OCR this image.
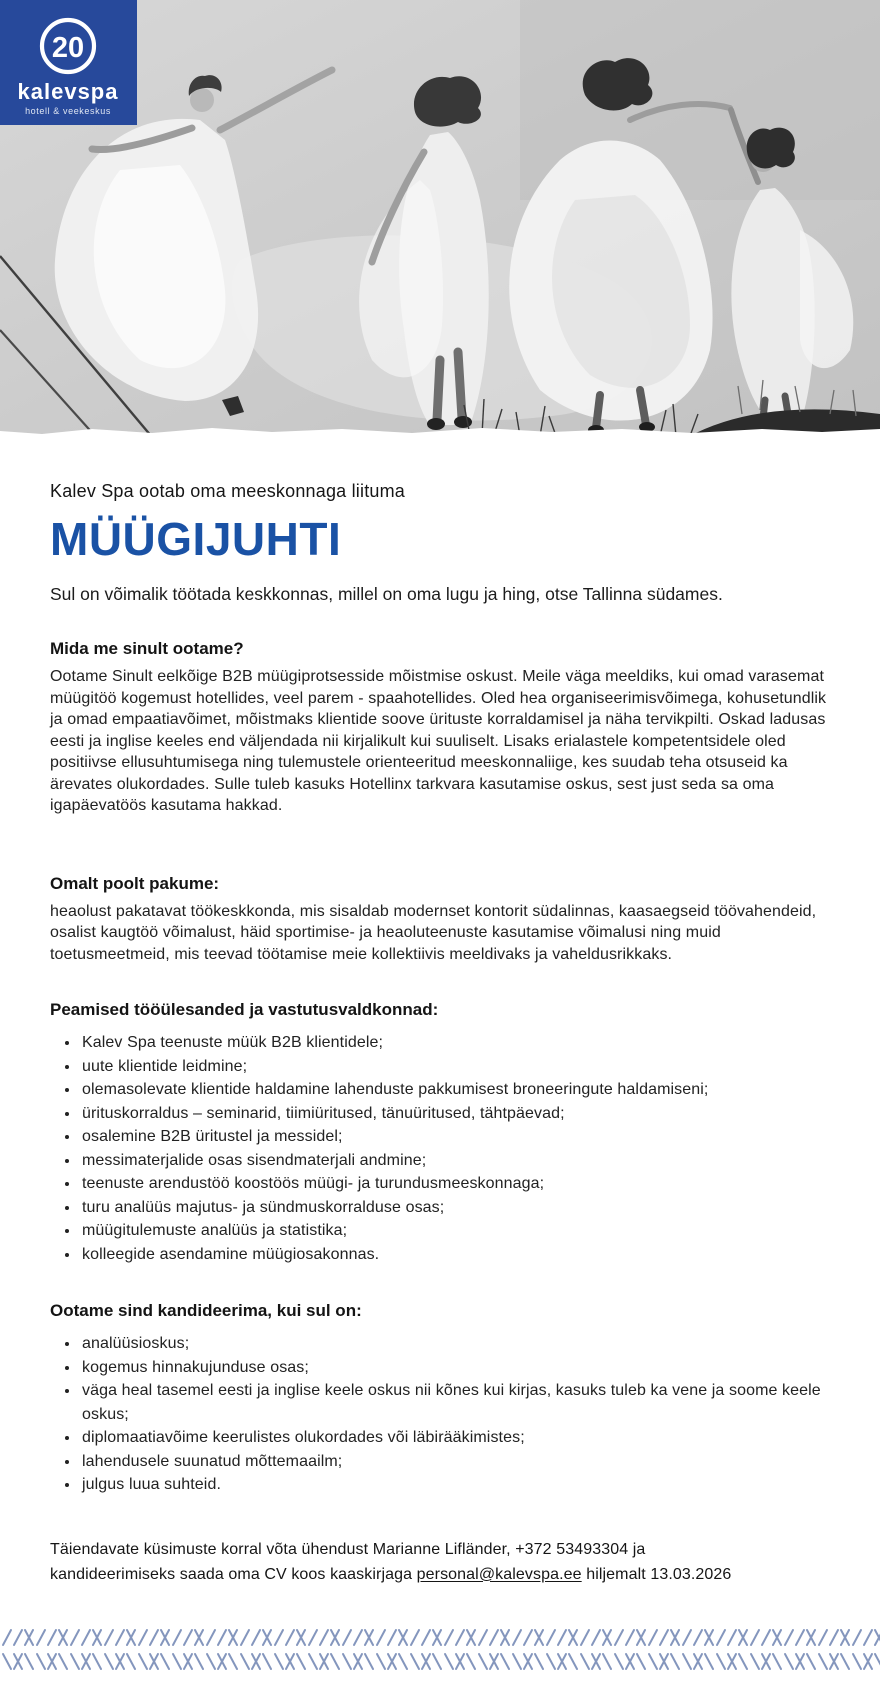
20
kalevspa
hotell & veekeskus

Kalev Spa ootab oma meeskonnaga liituma

MÜÜGIJUHTI

Sul on võimalik töötada keskkonnas, millel on oma lugu ja hing, otse Tallinna südames.

Mida me sinult ootame?

Ootame Sinult eelkõige B2B müügiprotsesside mõistmise oskust. Meile väga meeldiks, kui omad varasemat müügitöö kogemust hotellides, veel parem - spaahotellides. Oled hea organiseerimisvõimega, kohusetundlik ja omad empaatiavõimet, mõistmaks klientide soove ürituste korraldamisel ja näha tervikpilti. Oskad ladusas eesti ja inglise keeles end väljendada nii kirjalikult kui suuliselt. Lisaks erialastele kompetentsidele oled positiivse ellusuhtumisega ning tulemustele orienteeritud meeskonnaliige, kes suudab teha otsuseid ka ärevates olukordades. Sulle tuleb kasuks Hotellinx tarkvara kasutamise oskus, sest just seda sa oma igapäevatöös kasutama hakkad.

Omalt poolt pakume:

heaolust pakatavat töökeskkonda, mis sisaldab modernset kontorit südalinnas, kaasaegseid töövahendeid, osalist kaugtöö võimalust, häid sportimise- ja heaoluteenuste kasutamise võimalusi ning muid toetusmeetmeid, mis teevad töötamise meie kollektiivis meeldivaks ja vaheldusrikkaks.

Peamised tööülesanded ja vastutusvaldkonnad:

• Kalev Spa teenuste müük B2B klientidele;
• uute klientide leidmine;
• olemasolevate klientide haldamine lahenduste pakkumisest broneeringute haldamiseni;
• ürituskorraldus – seminarid, tiimiüritused, tänuüritused, tähtpäevad;
• osalemine B2B üritustel ja messidel;
• messimaterjalide osas sisendmaterjali andmine;
• teenuste arendustöö koostöös müügi- ja turundusmeeskonnaga;
• turu analüüs majutus- ja sündmuskorralduse osas;
• müügitulemuste analüüs ja statistika;
• kolleegide asendamine müügiosakonnas.

Ootame sind kandideerima, kui sul on:

• analüüsioskus;
• kogemus hinnakujunduse osas;
• väga heal tasemel eesti ja inglise keele oskus nii kõnes kui kirjas, kasuks tuleb ka vene ja soome keele oskus;
• diplomaatiavõime keerulistes olukordades või läbirääkimistes;
• lahendusele suunatud mõttemaailm;
• julgus luua suhteid.

Täiendavate küsimuste korral võta ühendust Marianne Lifländer, +372 53493304 ja kandideerimiseks saada oma CV koos kaaskirjaga personal@kalevspa.ee hiljemalt 13.03.2026
